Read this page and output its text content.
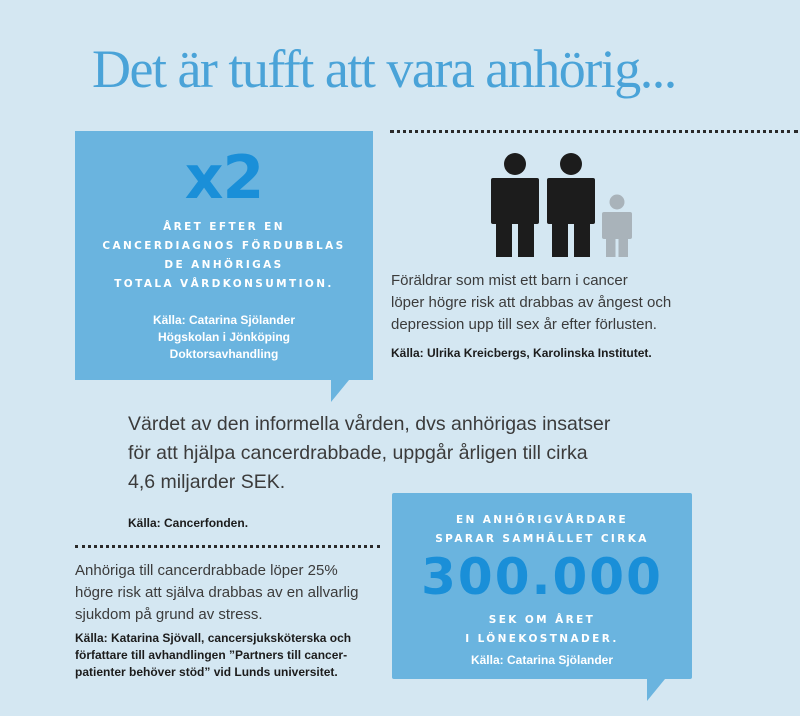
Det är tufft att vara anhörig...
x2
ÅRET EFTER EN
CANCERDIAGNOS FÖRDUBBLAS
DE ANHÖRIGAS
TOTALA VÅRDKONSUMTION.
Källa: Catarina Sjölander
Högskolan i Jönköping
Doktorsavhandling
Föräldrar som mist ett barn i cancer
löper högre risk att drabbas av ångest och
depression upp till sex år efter förlusten.
Källa: Ulrika Kreicbergs, Karolinska Institutet.
Värdet av den informella vården, dvs anhörigas insatser
för att hjälpa cancerdrabbade, uppgår årligen till cirka
4,6 miljarder SEK.
Källa: Cancerfonden.
Anhöriga till cancerdrabbade löper 25%
högre risk att själva drabbas av en allvarlig
sjukdom på grund av stress.
Källa: Katarina Sjövall, cancersjuksköterska och
författare till avhandlingen ”Partners till cancer-
patienter behöver stöd” vid Lunds universitet.
EN ANHÖRIGVÅRDARE
SPARAR SAMHÄLLET CIRKA
300.000
SEK OM ÅRET
I LÖNEKOSTNADER.
Källa: Catarina Sjölander
